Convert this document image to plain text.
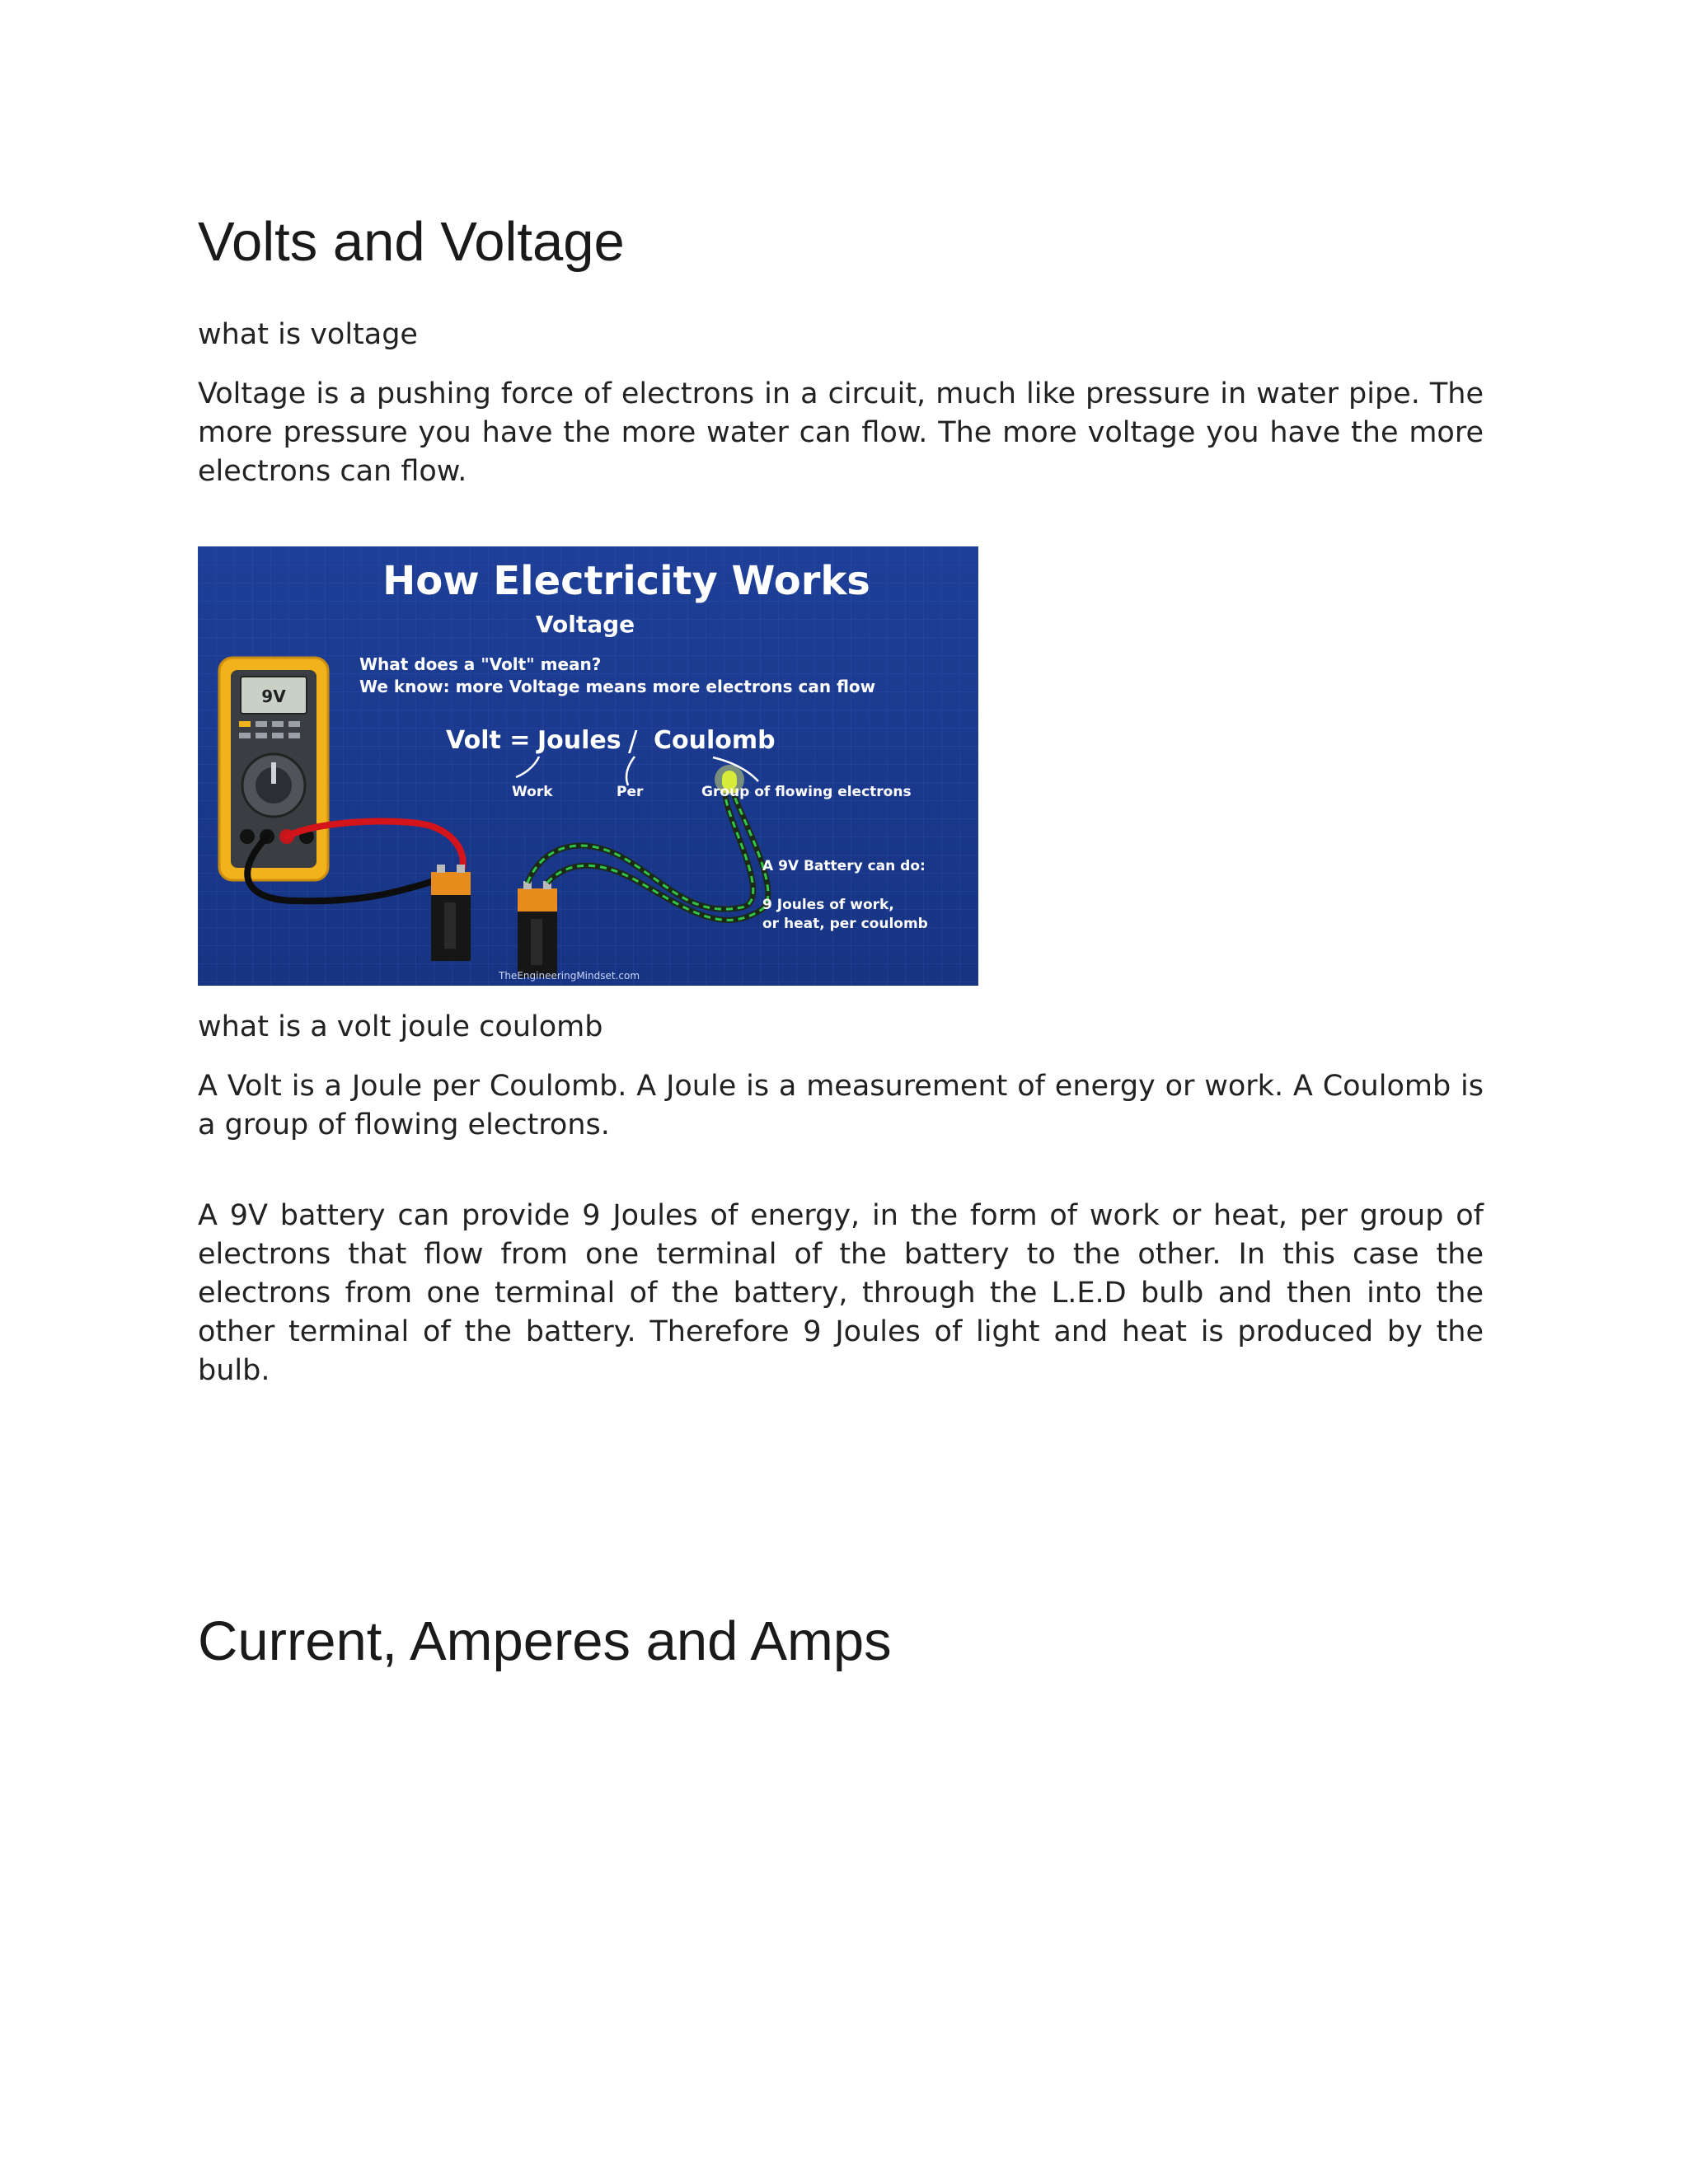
Volts and Voltage

what is voltage

Voltage is a pushing force of electrons in a circuit, much like pressure in water pipe. The more pressure you have the more water can flow. The more voltage you have the more electrons can flow.

9V
How Electricity Works
Voltage
What does a "Volt" mean?
We know: more Voltage means more electrons can flow
Volt = Joules / Coulomb
Work	Per	Group of flowing electrons
A 9V Battery can do:
9 Joules of work,
or heat, per coulomb
TheEngineeringMindset.com

what is a volt joule coulomb

A Volt is a Joule per Coulomb. A Joule is a measurement of energy or work. A Coulomb is a group of flowing electrons.

A 9V battery can provide 9 Joules of energy, in the form of work or heat, per group of electrons that flow from one terminal of the battery to the other. In this case the electrons from one terminal of the battery, through the L.E.D bulb and then into the other terminal of the battery. Therefore 9 Joules of light and heat is produced by the bulb.

Current, Amperes and Amps
